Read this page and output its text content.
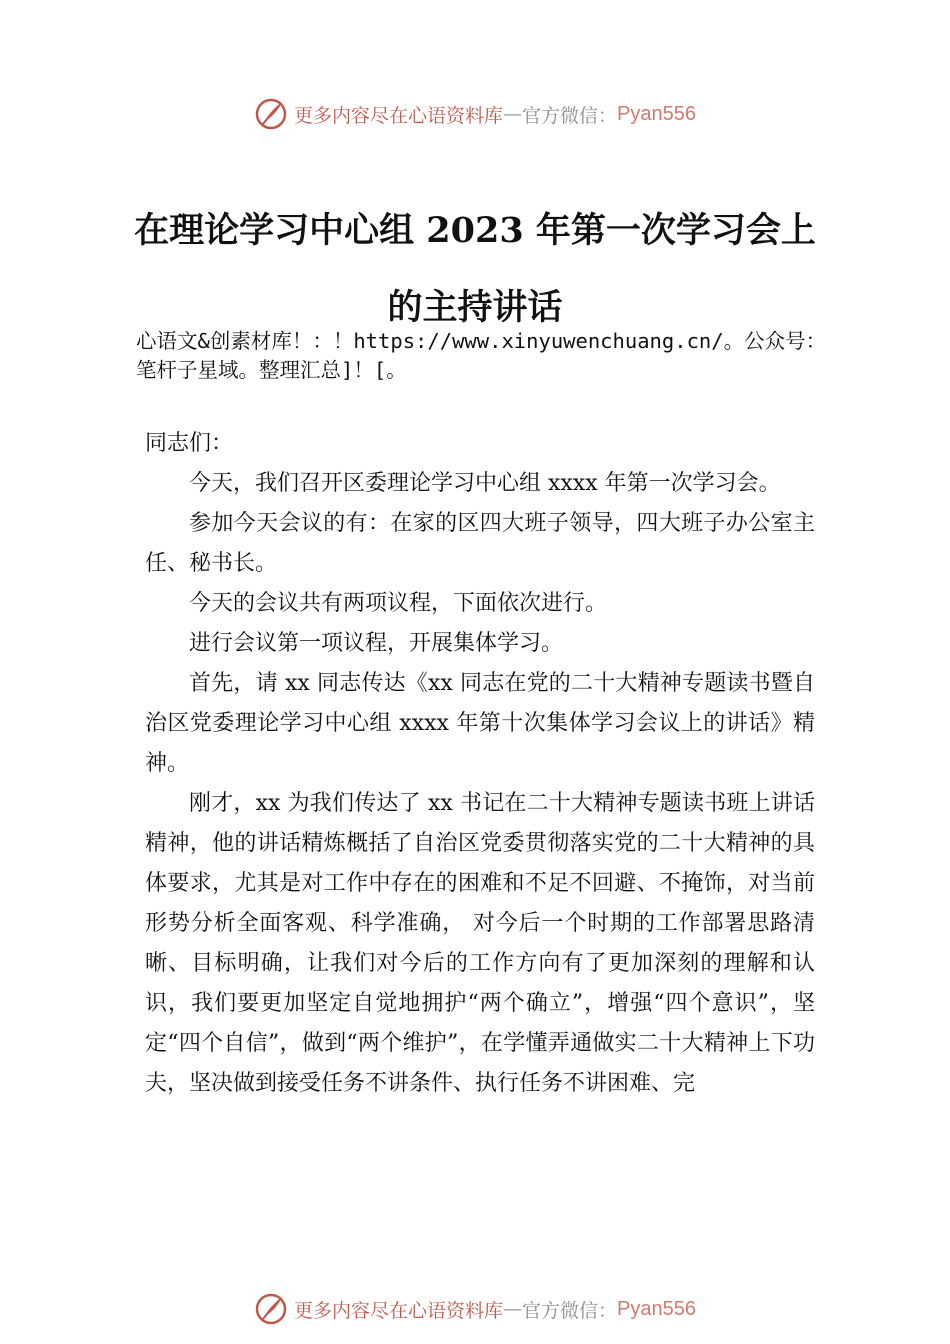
更多内容尽在心语资料库 — 官方微信： Pyan556
在理论学习中心组 2023 年第一次学习会上
的主持讲话
心语文&创素材库！：！https://www.xinyuwenchuang.cn/。公众号：笔杆子星域。整理汇总]！[。

同志们：

今天，我们召开区委理论学习中心组 xxxx 年第一次学习会。

参加今天会议的有：在家的区四大班子领导，四大班子办公室主任、秘书长。

今天的会议共有两项议程，下面依次进行。

进行会议第一项议程，开展集体学习。

首先，请 xx 同志传达《xx 同志在党的二十大精神专题读书暨自治区党委理论学习中心组 xxxx 年第十次集体学习会议上的讲话》精神。

刚才，xx 为我们传达了 xx 书记在二十大精神专题读书班上讲话精神，他的讲话精炼概括了自治区党委贯彻落实党的二十大精神的具体要求，尤其是对工作中存在的困难和不足不回避、不掩饰，对当前形势分析全面客观、科学准确， 对今后一个时期的工作部署思路清晰、目标明确，让我们对今后的工作方向有了更加深刻的理解和认识，我们要更加坚定自觉地拥护“两个确立”，增强“四个意识”，坚定“四个自信”，做到“两个维护”，在学懂弄通做实二十大精神上下功夫，坚决做到接受任务不讲条件、执行任务不讲困难、完

更多内容尽在心语资料库 — 官方微信： Pyan556
